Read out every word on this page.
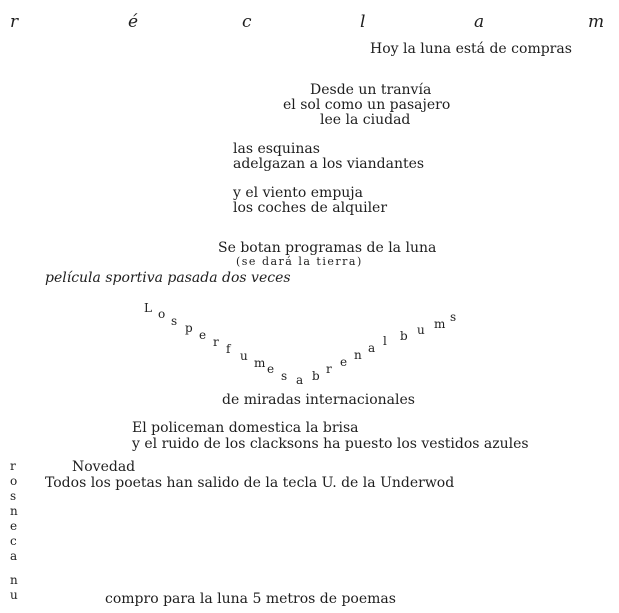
r	é	c	l	a	m
Hoy la luna está de compras
Desde un tranvía
el sol como un pasajero
lee la ciudad
las esquinas
adelgazan a los viandantes
y el viento empuja
los coches de alquiler
Se botan programas de la luna
(se dará la tierra)
película sportiva pasada dos veces
L o s p e r f u m e s a b r e n a l b u m s
de miradas internacionales
El policeman domestica la brisa
y el ruido de los clacksons ha puesto los vestidos azules
Novedad
Todos los poetas han salido de la tecla U. de la Underwod
r
o
s
n
e
c
a
n
u	compro para la luna 5 metros de poemas
